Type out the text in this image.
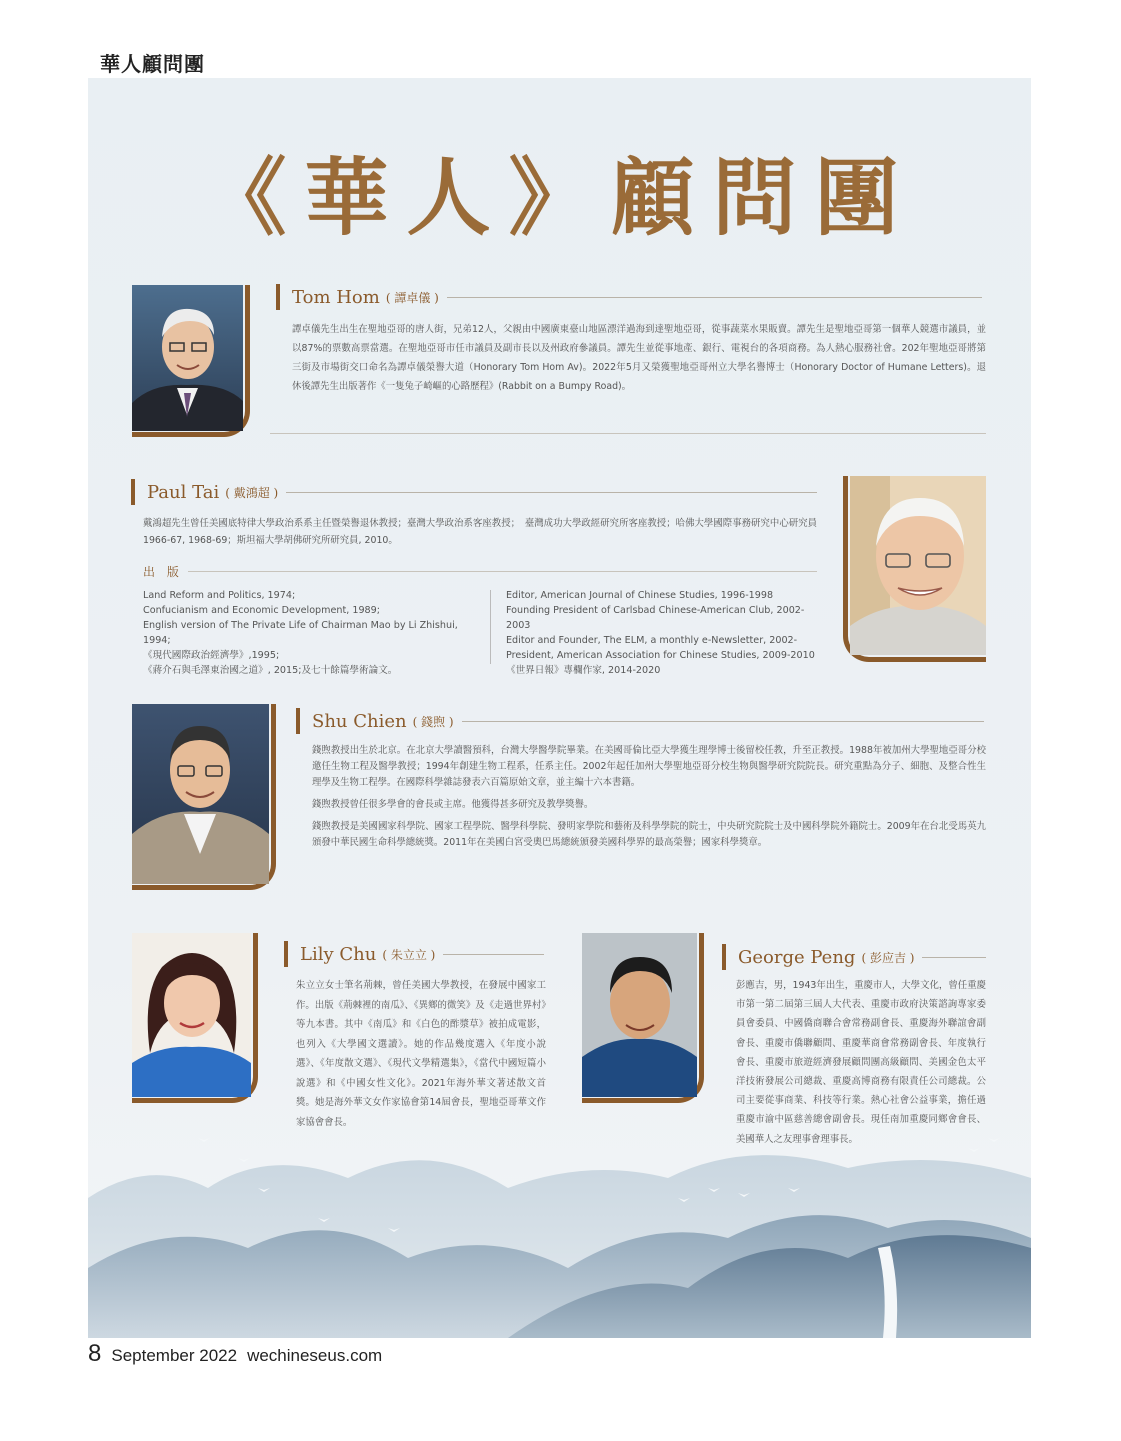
華人顧問團
《華人》顧問團
Tom Hom ( 譚卓儀 )

譚卓儀先生出生在聖地亞哥的唐人街，兄弟12人，父親由中國廣東臺山地區漂洋過海到達聖地亞哥，從事蔬菜水果販賣。譚先生是聖地亞哥第一個華人競選市議員，並以87%的票數高票當選。在聖地亞哥市任市議員及副市長以及州政府參議員。譚先生並從事地產、銀行、電視台的各項商務。為人熱心服務社會。202年聖地亞哥將第三街及市場街交口命名為譚卓儀榮譽大道（Honorary Tom Hom Av)。2022年5月又榮獲聖地亞哥州立大學名譽博士（Honorary Doctor of Humane Letters)。退休後譚先生出版著作《一隻兔子崎嶇的心路歷程》(Rabbit on a Bumpy Road)。

Paul Tai ( 戴鴻超 )

戴鴻超先生曾任美國底特律大學政治系系主任暨榮譽退休教授；臺灣大學政治系客座教授；　臺灣成功大學政經研究所客座教授；哈佛大學國際事務研究中心研究員1966-67, 1968-69；斯坦福大學胡佛研究所研究員, 2010。

出 版
Land Reform and Politics, 1974;
Confucianism and Economic Development, 1989;
English version of The Private Life of Chairman Mao by Li Zhishui, 1994;
《現代國際政治經濟學》,1995;
《蔣介石與毛澤東治國之道》, 2015;及七十餘篇學術論文。
Editor, American Journal of Chinese Studies, 1996-1998
Founding President of Carlsbad Chinese-American Club, 2002-2003
Editor and Founder, The ELM, a monthly e-Newsletter, 2002-
President, American Association for Chinese Studies, 2009-2010
《世界日報》專欄作家, 2014-2020
Shu Chien ( 錢煦 )

錢煦教授出生於北京。在北京大學讀醫預科，台灣大學醫學院畢業。在美國哥倫比亞大學獲生理學博士後留校任教，升至正教授。1988年被加州大學聖地亞哥分校邀任生物工程及醫學教授；1994年創建生物工程系，任系主任。2002年起任加州大學聖地亞哥分校生物與醫學研究院院長。研究重點為分子、細胞、及整合性生理學及生物工程學。在國際科學雜誌發表六百篇原始文章，並主編十六本書籍。

錢煦教授曾任很多學會的會長或主席。他獲得甚多研究及教學獎譽。

錢煦教授是美國國家科學院、國家工程學院、醫學科學院、發明家學院和藝術及科學學院的院士，中央研究院院士及中國科學院外籍院士。2009年在台北受馬英九頒發中華民國生命科學總統獎。2011年在美國白宮受奧巴馬總統頒發美國科學界的最高榮譽；國家科學獎章。

Lily Chu ( 朱立立 )

朱立立女士筆名荊棘，曾任美國大學教授，在發展中國家工作。出版《荊棘裡的南瓜》、《異鄉的微笑》及《走過世界村》等九本書。其中《南瓜》和《白色的酢漿草》被拍成電影，也列入《大學國文選讀》。她的作品幾度選入《年度小說選》、《年度散文選》、《現代文學精選集》，《當代中國短篇小說選》和《中國女性文化》。2021年海外華文著述散文首獎。她是海外華文女作家協會第14屆會長，聖地亞哥華文作家協會會長。

George Peng ( 彭应吉 )

彭應吉，男，1943年出生，重慶市人，大學文化，曾任重慶市第一第二屆第三屆人大代表、重慶市政府決策諮詢專家委員會委員、中國僑商聯合會常務副會長、重慶海外聯誼會副會長、重慶市僑聯顧問、重慶華商會常務副會長、年度執行會長、重慶市旅遊經濟發展顧問團高級顧問、美國金色太平洋技術發展公司總裁、重慶高博商務有限責任公司總裁。公司主要從事商業、科技等行業。熱心社會公益事業，擔任過重慶市渝中區慈善總會副會長。現任南加重慶同鄉會會長、美國華人之友理事會理事長。

8 September 2022 wechineseus.com
